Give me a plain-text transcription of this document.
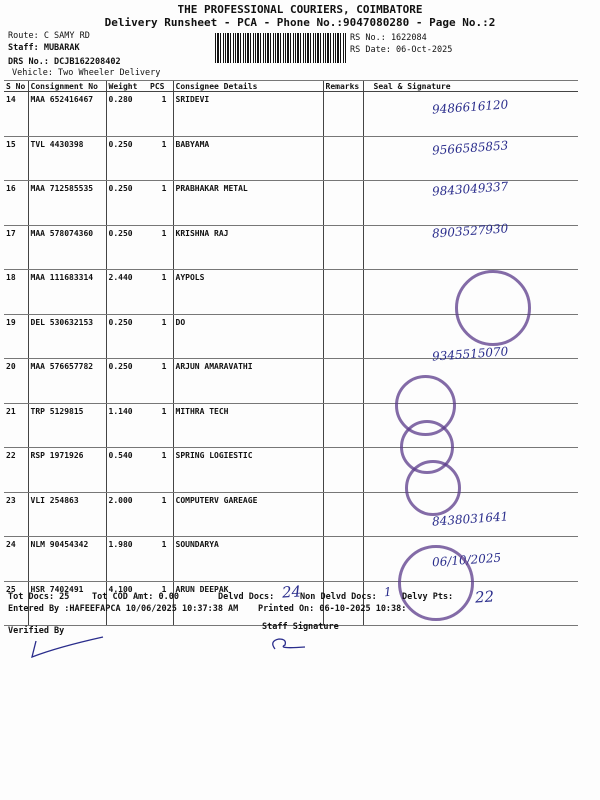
THE PROFESSIONAL COURIERS, COIMBATORE
Delivery Runsheet - PCA - Phone No.:9047080280 - Page No.:2
Route: C SAMY RD
Staff: MUBARAK
DRS No.: DCJB162208402
Vehicle: Two Wheeler Delivery
RS No.: 1622084
RS Date: 06-Oct-2025
S No	Consignment No	Weight	PCS	Consignee Details	Remarks	Seal & Signature
14	MAA 652416467	0.280	1	SRIDEVI		
15	TVL 4430398	0.250	1	BABYAMA		
16	MAA 712585535	0.250	1	PRABHAKAR METAL		
17	MAA 578074360	0.250	1	KRISHNA RAJ		
18	MAA 111683314	2.440	1	AYPOLS		
19	DEL 530632153	0.250	1	DO		
20	MAA 576657782	0.250	1	ARJUN AMARAVATHI		
21	TRP 5129815	1.140	1	MITHRA TECH		
22	RSP 1971926	0.540	1	SPRING LOGIESTIC		
23	VLI 254863	2.000	1	COMPUTERV GAREAGE		
24	NLM 90454342	1.980	1	SOUNDARYA		
25	HSR 7402491	4.100	1	ARUN DEEPAK		
9486616120
9566585853
9843049337
8903527930
9345515070
8438031641
06/10/2025
Tot Docs: 25	Tot COD Amt: 0.00	Delvd Docs: 24
Non Delvd Docs: 1 Delvy Pts: 22
Entered By :HAFEEFAPCA 10/06/2025 10:37:38 AM Printed On: 06-10-2025 10:38:
Verified By	Staff Signature
